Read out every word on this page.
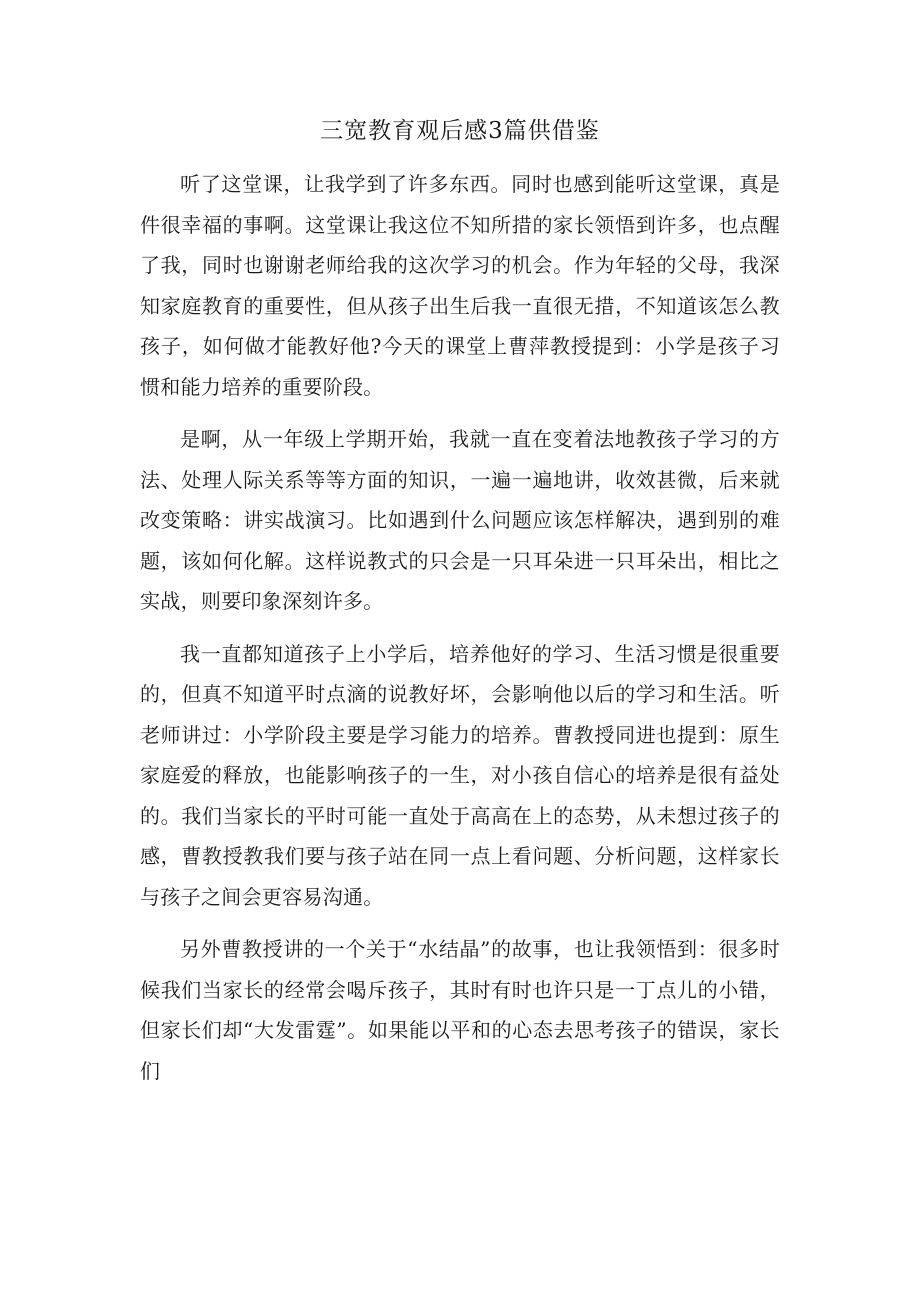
三宽教育观后感3篇供借鉴

听了这堂课，让我学到了许多东西。同时也感到能听这堂课，真是件很幸福的事啊。这堂课让我这位不知所措的家长领悟到许多，也点醒了我，同时也谢谢老师给我的这次学习的机会。作为年轻的父母，我深知家庭教育的重要性，但从孩子出生后我一直很无措，不知道该怎么教孩子，如何做才能教好他?今天的课堂上曹萍教授提到：小学是孩子习惯和能力培养的重要阶段。

是啊，从一年级上学期开始，我就一直在变着法地教孩子学习的方法、处理人际关系等等方面的知识，一遍一遍地讲，收效甚微，后来就改变策略：讲实战演习。比如遇到什么问题应该怎样解决，遇到别的难题，该如何化解。这样说教式的只会是一只耳朵进一只耳朵出，相比之实战，则要印象深刻许多。

我一直都知道孩子上小学后，培养他好的学习、生活习惯是很重要的，但真不知道平时点滴的说教好坏，会影响他以后的学习和生活。听老师讲过：小学阶段主要是学习能力的培养。曹教授同进也提到：原生家庭爱的释放，也能影响孩子的一生，对小孩自信心的培养是很有益处的。我们当家长的平时可能一直处于高高在上的态势，从未想过孩子的感，曹教授教我们要与孩子站在同一点上看问题、分析问题，这样家长与孩子之间会更容易沟通。

另外曹教授讲的一个关于“水结晶”的故事，也让我领悟到：很多时候我们当家长的经常会喝斥孩子，其时有时也许只是一丁点儿的小错，但家长们却“大发雷霆”。如果能以平和的心态去思考孩子的错误，家长们
